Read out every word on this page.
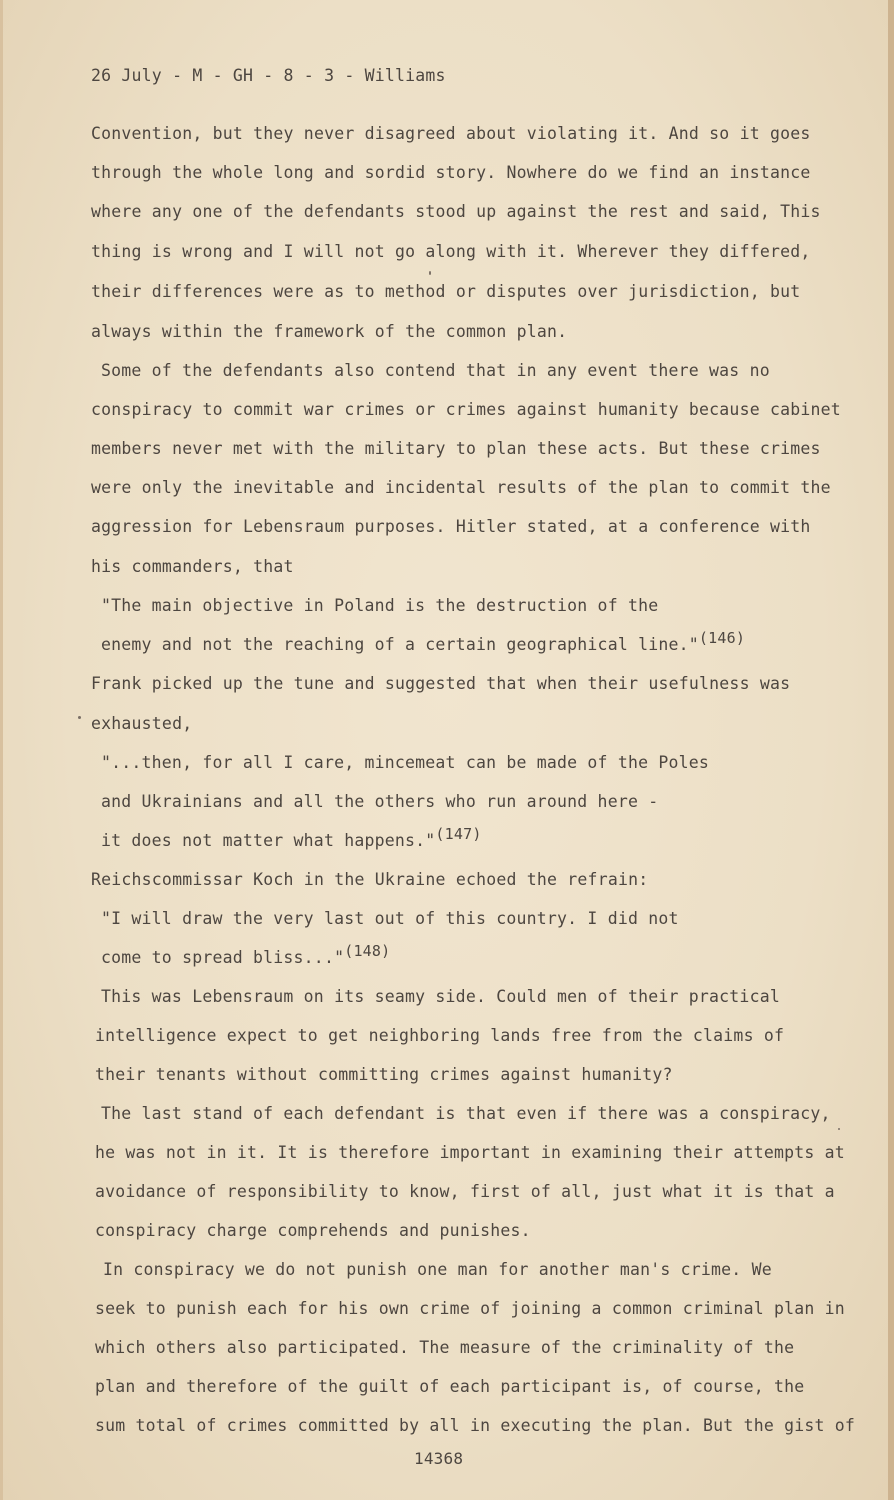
26 July - M - GH - 8 - 3 - Williams
Convention, but they never disagreed about violating it. And so it goes
through the whole long and sordid story. Nowhere do we find an instance
where any one of the defendants stood up against the rest and said, This
thing is wrong and I will not go along with it. Wherever they differed,
their differences were as to method or disputes over jurisdiction, but
always within the framework of the common plan.
Some of the defendants also contend that in any event there was no
conspiracy to commit war crimes or crimes against humanity because cabinet
members never met with the military to plan these acts. But these crimes
were only the inevitable and incidental results of the plan to commit the
aggression for Lebensraum purposes. Hitler stated, at a conference with
his commanders, that
"The main objective in Poland is the destruction of the
enemy and not the reaching of a certain geographical line."(146)
Frank picked up the tune and suggested that when their usefulness was
exhausted,
"...then, for all I care, mincemeat can be made of the Poles
and Ukrainians and all the others who run around here -
it does not matter what happens."(147)
Reichscommissar Koch in the Ukraine echoed the refrain:
"I will draw the very last out of this country. I did not
come to spread bliss..."(148)
This was Lebensraum on its seamy side. Could men of their practical
intelligence expect to get neighboring lands free from the claims of
their tenants without committing crimes against humanity?
The last stand of each defendant is that even if there was a conspiracy,
he was not in it. It is therefore important in examining their attempts at
avoidance of responsibility to know, first of all, just what it is that a
conspiracy charge comprehends and punishes.
In conspiracy we do not punish one man for another man's crime. We
seek to punish each for his own crime of joining a common criminal plan in
which others also participated. The measure of the criminality of the
plan and therefore of the guilt of each participant is, of course, the
sum total of crimes committed by all in executing the plan. But the gist of
14368
